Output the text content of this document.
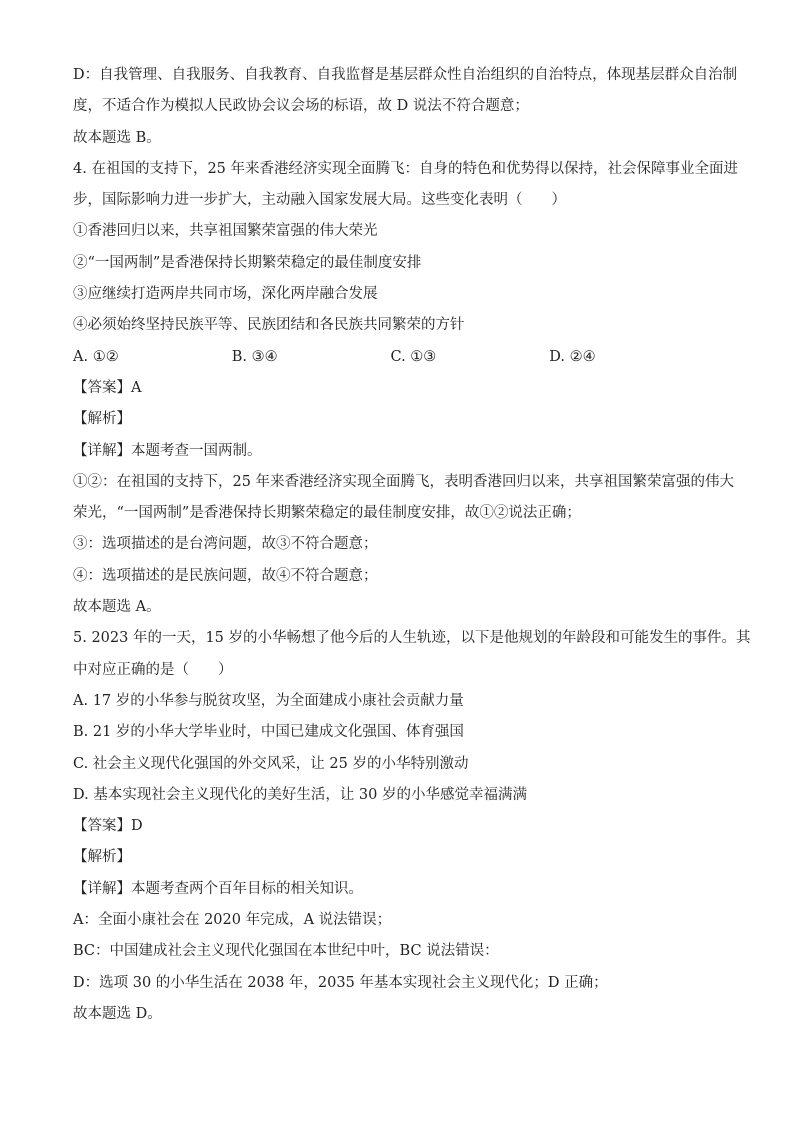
D：自我管理、自我服务、自我教育、自我监督是基层群众性自治组织的自治特点，体现基层群众自治制
度，不适合作为模拟人民政协会议会场的标语，故 D 说法不符合题意；
故本题选 B。
4. 在祖国的支持下，25 年来香港经济实现全面腾飞：自身的特色和优势得以保持，社会保障事业全面进
步，国际影响力进一步扩大，主动融入国家发展大局。这些变化表明（　　）
①香港回归以来，共享祖国繁荣富强的伟大荣光
②“一国两制”是香港保持长期繁荣稳定的最佳制度安排
③应继续打造两岸共同市场，深化两岸融合发展
④必须始终坚持民族平等、民族团结和各民族共同繁荣的方针
A. ①②	B. ③④	C. ①③	D. ②④
【答案】A
【解析】
【详解】本题考查一国两制。
①②：在祖国的支持下，25 年来香港经济实现全面腾飞，表明香港回归以来，共享祖国繁荣富强的伟大
荣光，“一国两制”是香港保持长期繁荣稳定的最佳制度安排，故①②说法正确；
③：选项描述的是台湾问题，故③不符合题意；
④：选项描述的是民族问题，故④不符合题意；
故本题选 A。
5. 2023 年的一天，15 岁的小华畅想了他今后的人生轨迹，以下是他规划的年龄段和可能发生的事件。其
中对应正确的是（　　）
A. 17 岁的小华参与脱贫攻坚，为全面建成小康社会贡献力量
B. 21 岁的小华大学毕业时，中国已建成文化强国、体育强国
C. 社会主义现代化强国的外交风采，让 25 岁的小华特别激动
D. 基本实现社会主义现代化的美好生活，让 30 岁的小华感觉幸福满满
【答案】D
【解析】
【详解】本题考查两个百年目标的相关知识。
A：全面小康社会在 2020 年完成，A 说法错误；
BC：中国建成社会主义现代化强国在本世纪中叶，BC 说法错误：
D：选项 30 的小华生活在 2038 年，2035 年基本实现社会主义现代化；D 正确；
故本题选 D。
